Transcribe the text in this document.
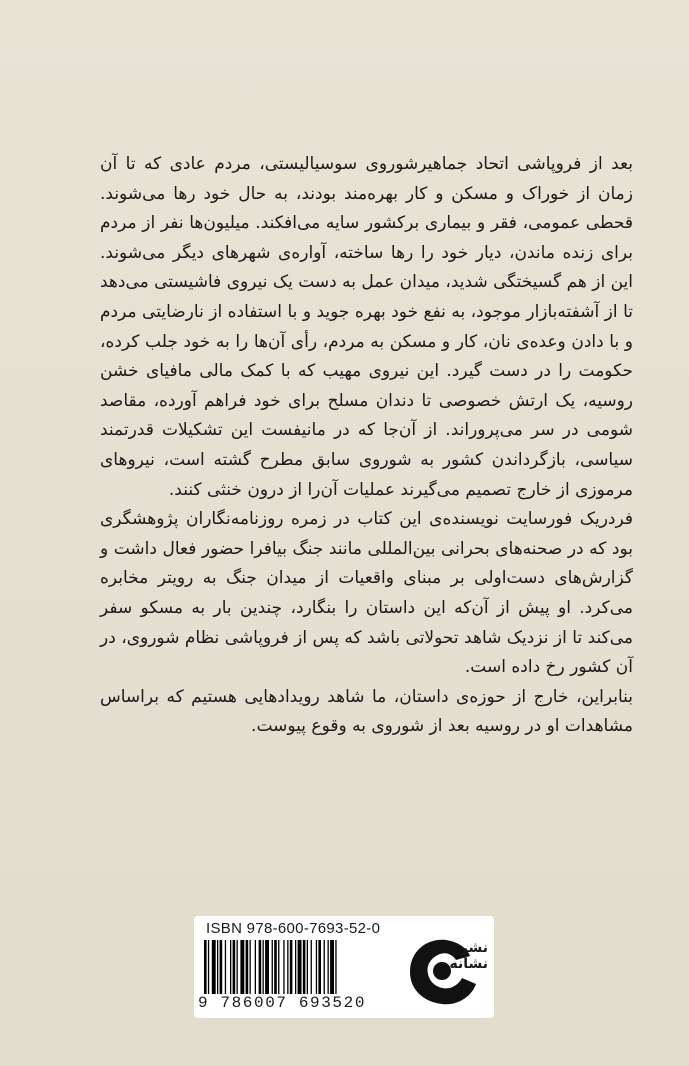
بعد از فروپاشی اتحاد جماهیرشوروی سوسیالیستی، مردم عادی که تا آن زمان از خوراک و مسکن و کار بهره‌مند بودند، به حال خود رها می‌شوند. قحطی عمومی، فقر و بیماری برکشور سایه می‌افکند. میلیون‌ها نفر از مردم برای زنده ماندن، دیار خود را رها ساخته، آواره‌ی شهرهای دیگر می‌شوند. این از هم گسیختگی شدید، میدان عمل به دست یک نیروی فاشیستی می‌دهد تا از آشفته‌بازار موجود، به نفع خود بهره جوید و با استفاده از نارضایتی مردم و با دادن وعده‌ی نان، کار و مسکن به مردم، رأی آن‌ها را به خود جلب کرده، حکومت را در دست گیرد. این نیروی مهیب که با کمک مالی مافیای خشن روسیه، یک ارتش خصوصی تا دندان مسلح برای خود فراهم آورده، مقاصد شومی در سر می‌پروراند. از آن‌جا که در مانیفست این تشکیلات قدرتمند سیاسی، بازگرداندن کشور به شوروی سابق مطرح گشته است، نیروهای مرموزی از خارج تصمیم می‌گیرند عملیات آن‌را از درون خنثی کنند.

فردریک فورسایت نویسنده‌ی این کتاب در زمره روزنامه‌نگاران پژوهشگری بود که در صحنه‌های بحرانی بین‌المللی مانند جنگ بیافرا حضور فعال داشت و گزارش‌های دست‌اولی بر مبنای واقعیات از میدان جنگ به رویتر مخابره می‌کرد. او پیش از آن‌که این داستان را بنگارد، چندین بار به مسکو سفر می‌کند تا از نزدیک شاهد تحولاتی باشد که پس از فروپاشی نظام شوروی، در آن کشور رخ داده است.

بنابراین، خارج از حوزه‌ی داستان، ما شاهد رویدادهایی هستیم که براساس مشاهدات او در روسیه بعد از شوروی به وقوع پیوست.

ISBN 978-600-7693-52-0
9 786007 693520
نشر نشانه
